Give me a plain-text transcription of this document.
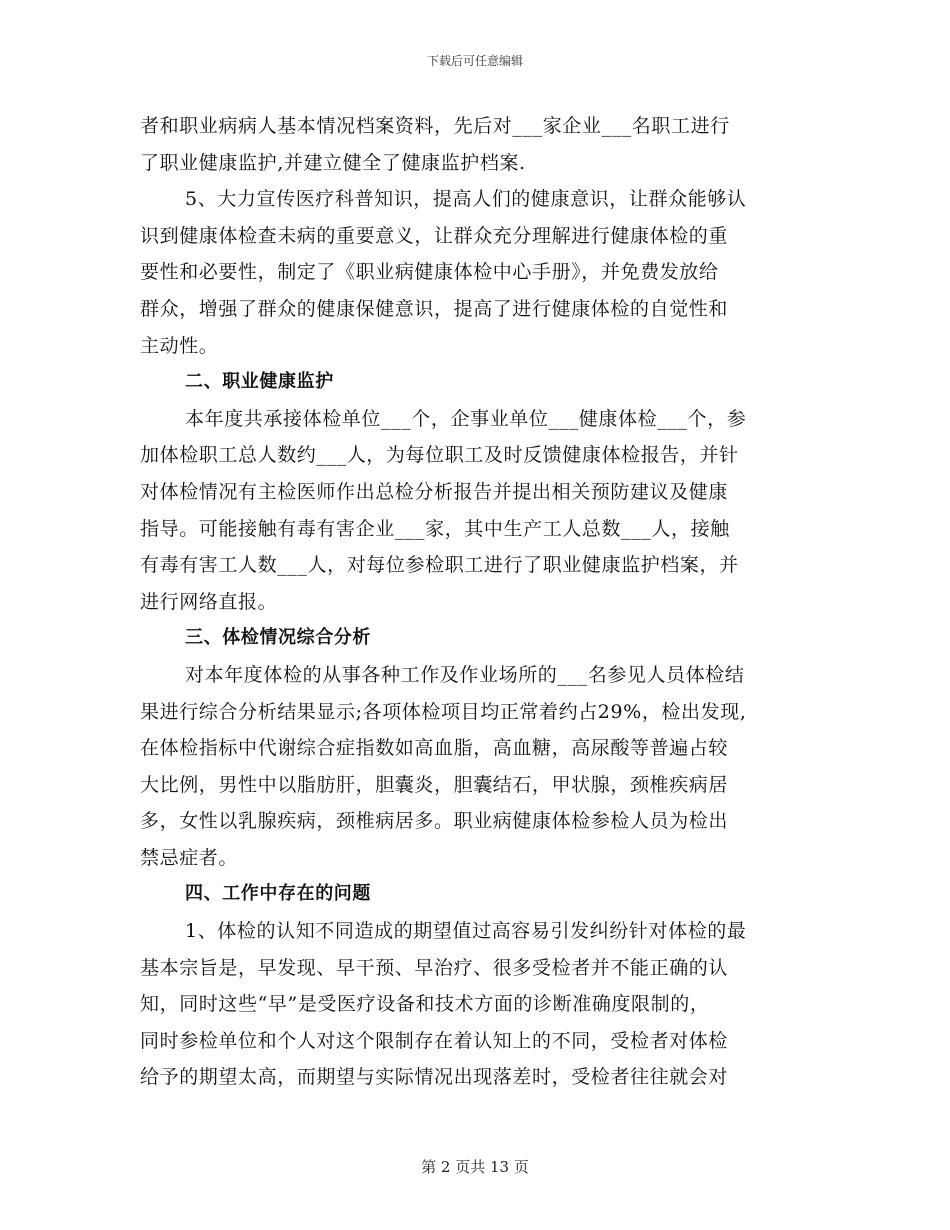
下载后可任意编辑
者和职业病病人基本情况档案资料，先后对___家企业___名职工进行
了职业健康监护,并建立健全了健康监护档案.
5、大力宣传医疗科普知识，提高人们的健康意识，让群众能够认
识到健康体检查未病的重要意义，让群众充分理解进行健康体检的重
要性和必要性，制定了《职业病健康体检中心手册》，并免费发放给
群众，增强了群众的健康保健意识，提高了进行健康体检的自觉性和
主动性。
二、职业健康监护
本年度共承接体检单位___个，企事业单位___健康体检___个，参
加体检职工总人数约___人，为每位职工及时反馈健康体检报告，并针
对体检情况有主检医师作出总检分析报告并提出相关预防建议及健康
指导。可能接触有毒有害企业___家，其中生产工人总数___人，接触
有毒有害工人数___人，对每位参检职工进行了职业健康监护档案，并
进行网络直报。
三、体检情况综合分析
对本年度体检的从事各种工作及作业场所的___名参见人员体检结
果进行综合分析结果显示;各项体检项目均正常着约占29%，检出发现,
在体检指标中代谢综合症指数如高血脂，高血糖，高尿酸等普遍占较
大比例，男性中以脂肪肝，胆囊炎，胆囊结石，甲状腺，颈椎疾病居
多，女性以乳腺疾病，颈椎病居多。职业病健康体检参检人员为检出
禁忌症者。
四、工作中存在的问题
1、体检的认知不同造成的期望值过高容易引发纠纷针对体检的最
基本宗旨是，早发现、早干预、早治疗、很多受检者并不能正确的认
知，同时这些“早”是受医疗设备和技术方面的诊断准确度限制的，
同时参检单位和个人对这个限制存在着认知上的不同，受检者对体检
给予的期望太高，而期望与实际情况出现落差时，受检者往往就会对
第 2 页共 13 页
